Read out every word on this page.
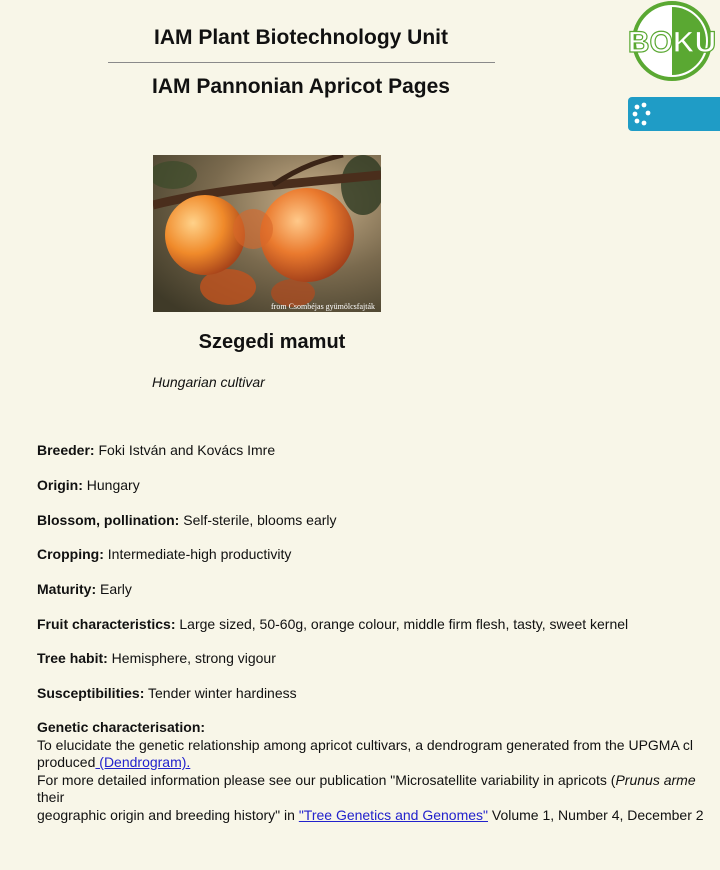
IAM Plant Biotechnology Unit
IAM Pannonian Apricot Pages
BOKU
from Csombéjas gyümölcsfajták
Szegedi mamut

Hungarian cultivar

Breeder: Foki István and Kovács Imre

Origin: Hungary

Blossom, pollination: Self-sterile, blooms early

Cropping: Intermediate-high productivity

Maturity: Early

Fruit characteristics: Large sized, 50-60g, orange colour, middle firm flesh, tasty, sweet kernel

Tree habit: Hemisphere, strong vigour

Susceptibilities: Tender winter hardiness

Genetic characterisation:
To elucidate the genetic relationship among apricot cultivars, a dendrogram generated from the UPGMA cl
produced (Dendrogram).
For more detailed information please see our publication "Microsatellite variability in apricots (Prunus arme
their
geographic origin and breeding history" in "Tree Genetics and Genomes" Volume 1, Number 4, December 2
